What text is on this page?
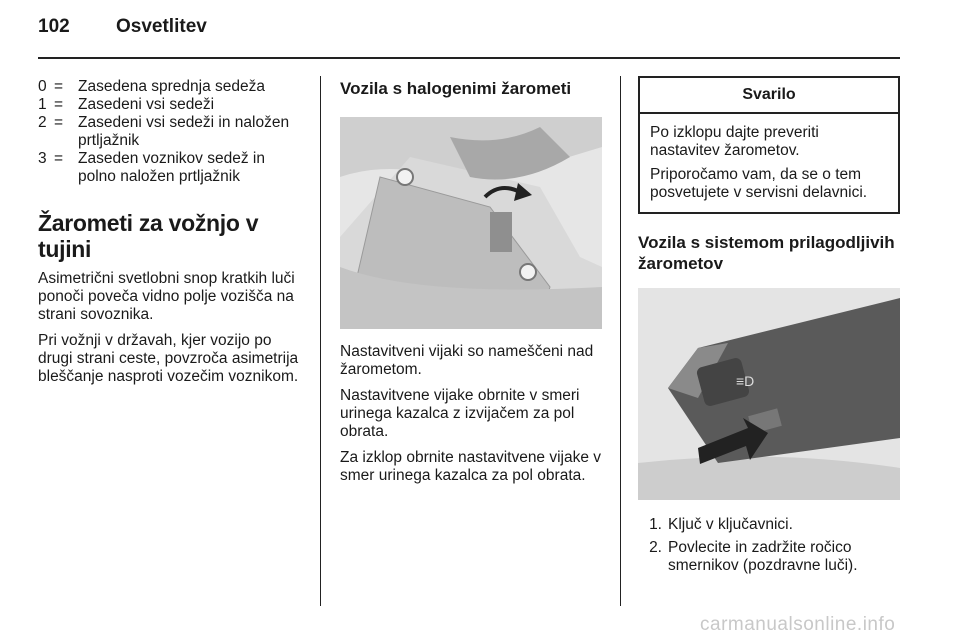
102 Osvetlitev
0 = Zasedena sprednja sedeža
1 = Zasedeni vsi sedeži
2 = Zasedeni vsi sedeži in naložen prtljažnik
3 = Zaseden voznikov sedež in polno naložen prtljažnik
Žarometi za vožnjo v tujini

Asimetrični svetlobni snop kratkih luči ponoči poveča vidno polje vozišča na strani sovoznika.

Pri vožnji v državah, kjer vozijo po drugi strani ceste, povzroča asimetrija bleščanje nasproti vozečim voznikom.

Vozila s halogenimi žarometi

Nastavitveni vijaki so nameščeni nad žarometom.

Nastavitvene vijake obrnite v smeri urinega kazalca z izvijačem za pol obrata.

Za izklop obrnite nastavitvene vijake v smer urinega kazalca za pol obrata.

Svarilo

Po izklopu dajte preveriti nastavitev žarometov.

Priporočamo vam, da se o tem posvetujete v servisni delavnici.

Vozila s sistemom prilagodljivih žarometov
≡D
1. Ključ v ključavnici.
2. Povlecite in zadržite ročico smernikov (pozdravne luči).
carmanualsonline.info
